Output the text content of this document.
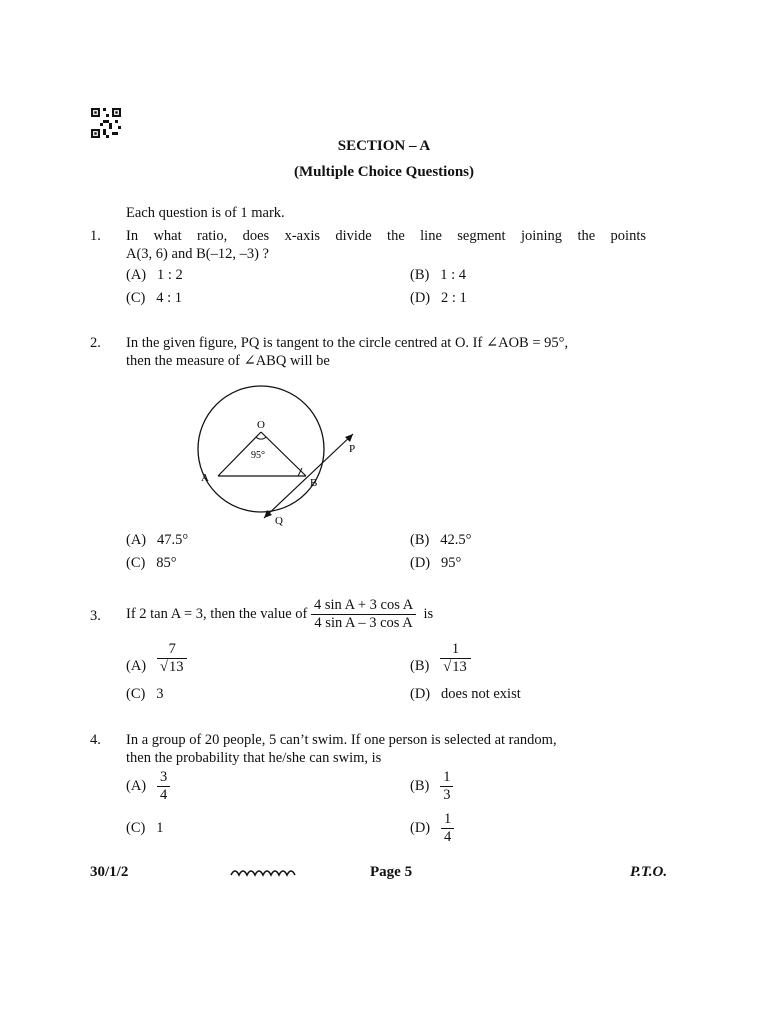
SECTION – A
(Multiple Choice Questions)
Each question is of 1 mark.
1. In what ratio, does x-axis divide the line segment joining the points
A(3, 6) and B(–12, –3) ?
(A) 1 : 2	(B) 1 : 4
(C) 4 : 1	(D) 2 : 1
2. In the given figure, PQ is tangent to the circle centred at O. If ∠AOB = 95°,
then the measure of ∠ABQ will be
O
95°
A	B
P
Q
(A) 47.5°	(B) 42.5°
(C) 85°	(D) 95°
3. If 2 tan A = 3, then the value of $\frac{\text{4 sin A + 3 cos A}}{\text{4 sin A – 3 cos A}}$ is
$(A) \frac{7}{√13}$	$(B) \frac{1}{√13}$
(C) 3	(D) does not exist
4. In a group of 20 people, 5 can’t swim. If one person is selected at random,
then the probability that he/she can swim, is
$(A) \frac{3}{4}$	$(B) \frac{1}{3}$
(C) 1	$(D) \frac{1}{4}$
30/1/2	Page 5	P.T.O.
